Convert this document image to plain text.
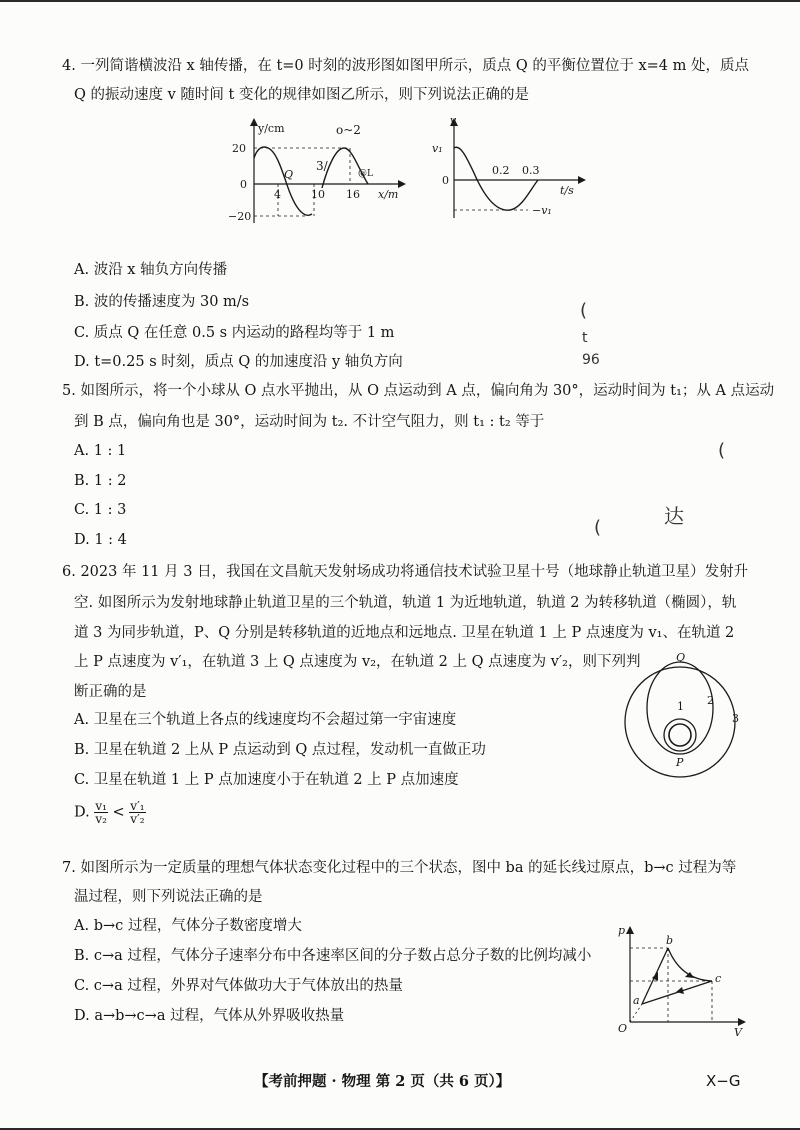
4. 一列简谐横波沿 x 轴传播，在 t=0 时刻的波形图如图甲所示，质点 Q 的平衡位置位于 x=4 m 处，质点
Q 的振动速度 v 随时间 t 变化的规律如图乙所示，则下列说法正确的是
y/cm
20
0
−20
4	10 16 x/m
Q
o~2
3/
@L
v
v₁
0
0.2 0.3
t/s
−v₁
A. 波沿 x 轴负方向传播
B. 波的传播速度为 30 m/s
C. 质点 Q 在任意 0.5 s 内运动的路程均等于 1 m
D. t=0.25 s 时刻，质点 Q 的加速度沿 y 轴负方向
(
t
96
5. 如图所示，将一个小球从 O 点水平抛出，从 O 点运动到 A 点，偏向角为 30°，运动时间为 t₁；从 A 点运动
到 B 点，偏向角也是 30°，运动时间为 t₂. 不计空气阻力，则 t₁ : t₂ 等于
A. 1 : 1
B. 1 : 2
C. 1 : 3
D. 1 : 4
(
(	达
6. 2023 年 11 月 3 日，我国在文昌航天发射场成功将通信技术试验卫星十号（地球静止轨道卫星）发射升
空. 如图所示为发射地球静止轨道卫星的三个轨道，轨道 1 为近地轨道，轨道 2 为转移轨道（椭圆），轨
道 3 为同步轨道，P、Q 分别是转移轨道的近地点和远地点. 卫星在轨道 1 上 P 点速度为 v₁、在轨道 2
上 P 点速度为 v′₁，在轨道 3 上 Q 点速度为 v₂，在轨道 2 上 Q 点速度为 v′₂，则下列判
断正确的是
A. 卫星在三个轨道上各点的线速度均不会超过第一宇宙速度
B. 卫星在轨道 2 上从 P 点运动到 Q 点过程，发动机一直做正功
C. 卫星在轨道 1 上 P 点加速度小于在轨道 2 上 P 点加速度
D. $\frac{\text{v₁}}{\text{v₂}} < \frac{\text{v′₁}}{\text{v′₂}}$
Q
1 2
3
P
7. 如图所示为一定质量的理想气体状态变化过程中的三个状态，图中 ba 的延长线过原点，b→c 过程为等
温过程，则下列说法正确的是
A. b→c 过程，气体分子数密度增大
B. c→a 过程，气体分子速率分布中各速率区间的分子数占总分子数的比例均减小
C. c→a 过程，外界对气体做功大于气体放出的热量
D. a→b→c→a 过程，气体从外界吸收热量
p
V
O
a
b
c
【考前押题 · 物理 第 2 页（共 6 页）】	X−G
